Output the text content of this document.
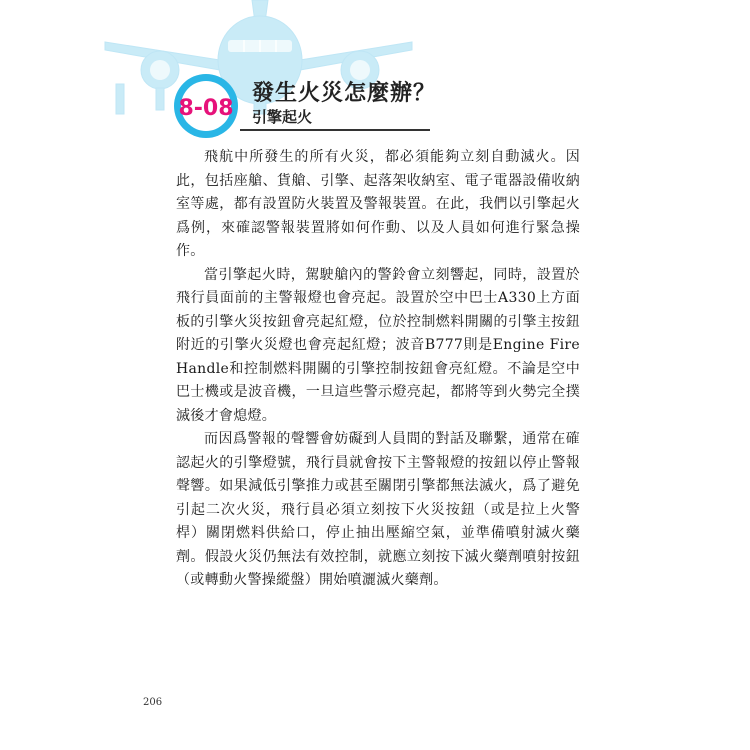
8-08
發生火災怎麼辦？
引擎起火

飛航中所發生的所有火災，都必須能夠立刻自動滅火。因此，包括座艙、貨艙、引擎、起落架收納室、電子電器設備收納室等處，都有設置防火裝置及警報裝置。在此，我們以引擎起火爲例，來確認警報裝置將如何作動、以及人員如何進行緊急操作。

當引擎起火時，駕駛艙內的警鈴會立刻響起，同時，設置於飛行員面前的主警報燈也會亮起。設置於空中巴士A330上方面板的引擎火災按鈕會亮起紅燈，位於控制燃料開關的引擎主按鈕附近的引擎火災燈也會亮起紅燈；波音B777則是Engine Fire Handle和控制燃料開關的引擎控制按鈕會亮紅燈。不論是空中巴士機或是波音機，一旦這些警示燈亮起，都將等到火勢完全撲滅後才會熄燈。

而因爲警報的聲響會妨礙到人員間的對話及聯繫，通常在確認起火的引擎燈號，飛行員就會按下主警報燈的按鈕以停止警報聲響。如果減低引擎推力或甚至關閉引擎都無法滅火，爲了避免引起二次火災，飛行員必須立刻按下火災按鈕（或是拉上火警桿）關閉燃料供給口，停止抽出壓縮空氣，並準備噴射滅火藥劑。假設火災仍無法有效控制，就應立刻按下滅火藥劑噴射按鈕（或轉動火警操縱盤）開始噴灑滅火藥劑。

206
